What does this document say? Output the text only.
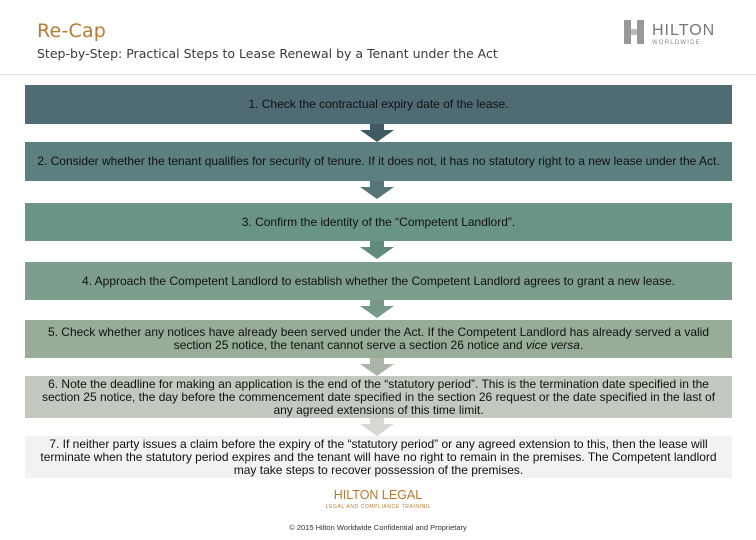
Re-Cap
Step-by-Step: Practical Steps to Lease Renewal by a Tenant under the Act
HILTON
WORLDWIDE
1. Check the contractual expiry date of the lease.
2. Consider whether the tenant qualifies for security of tenure. If it does not, it has no statutory right to a new lease under the Act.
3. Confirm the identity of the “Competent Landlord”.
4. Approach the Competent Landlord to establish whether the Competent Landlord agrees to grant a new lease.
5. Check whether any notices have already been served under the Act. If the Competent Landlord has already served a valid section 25 notice, the tenant cannot serve a section 26 notice and vice versa.
6. Note the deadline for making an application is the end of the “statutory period”. This is the termination date specified in the section 25 notice, the day before the commencement date specified in the section 26 request or the date specified in the last of any agreed extensions of this time limit.
7. If neither party issues a claim before the expiry of the “statutory period” or any agreed extension to this, then the lease will terminate when the statutory period expires and the tenant will have no right to remain in the premises. The Competent landlord may take steps to recover possession of the premises.
HILTON LEGAL
LEGAL AND COMPLIANCE TRAINING
© 2015 Hilton Worldwide Confidential and Proprietary
